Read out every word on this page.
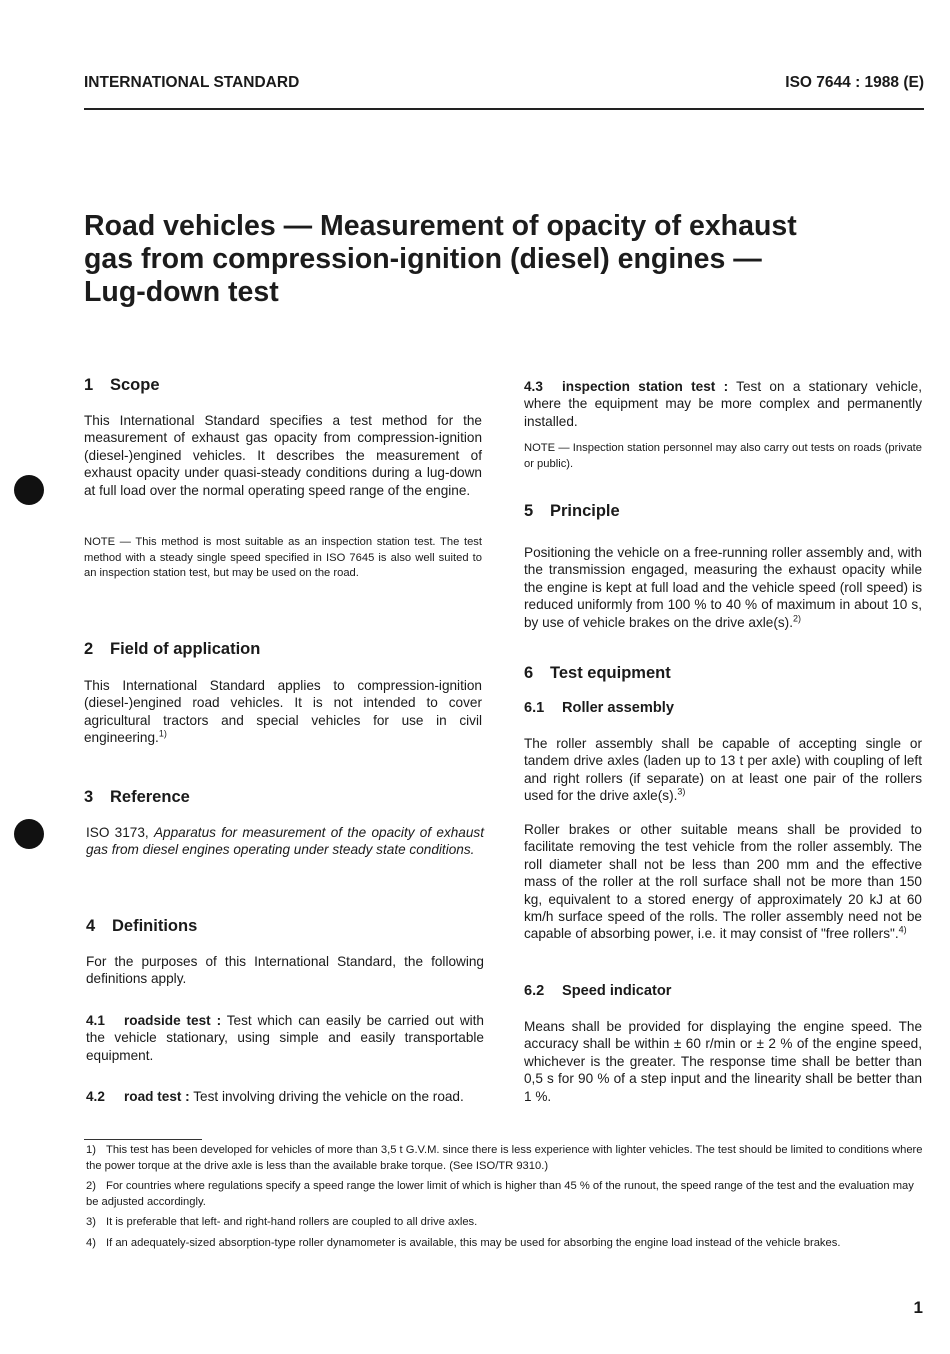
INTERNATIONAL STANDARD	ISO 7644 : 1988 (E)
Road vehicles — Measurement of opacity of exhaust
gas from compression-ignition (diesel) engines —
Lug-down test
1 Scope

This International Standard specifies a test method for the measurement of exhaust gas opacity from compression-ignition (diesel-)engined vehicles. It describes the measurement of exhaust opacity under quasi-steady conditions during a lug-down at full load over the normal operating speed range of the engine.

NOTE — This method is most suitable as an inspection station test. The test method with a steady single speed specified in ISO 7645 is also well suited to an inspection station test, but may be used on the road.

2 Field of application

This International Standard applies to compression-ignition (diesel-)engined road vehicles. It is not intended to cover agricultural tractors and special vehicles for use in civil engineering.$^{1)}$

3 Reference

ISO 3173, Apparatus for measurement of the opacity of exhaust gas from diesel engines operating under steady state conditions.

4 Definitions

For the purposes of this International Standard, the following definitions apply.

4.1 roadside test : Test which can easily be carried out with the vehicle stationary, using simple and easily transportable equipment.

4.2 road test : Test involving driving the vehicle on the road.

4.3 inspection station test : Test on a stationary vehicle, where the equipment may be more complex and permanently installed.

NOTE — Inspection station personnel may also carry out tests on roads (private or public).

5 Principle

Positioning the vehicle on a free-running roller assembly and, with the transmission engaged, measuring the exhaust opacity while the engine is kept at full load and the vehicle speed (roll speed) is reduced uniformly from 100 % to 40 % of maximum in about 10 s, by use of vehicle brakes on the drive axle(s).$^{2)}$

6 Test equipment
6.1 Roller assembly

The roller assembly shall be capable of accepting single or tandem drive axles (laden up to 13 t per axle) with coupling of left and right rollers (if separate) on at least one pair of the rollers used for the drive axle(s).$^{3)}$

Roller brakes or other suitable means shall be provided to facilitate removing the test vehicle from the roller assembly. The roll diameter shall not be less than 200 mm and the effective mass of the roller at the roll surface shall not be more than 150 kg, equivalent to a stored energy of approximately 20 kJ at 60 km/h surface speed of the rolls. The roller assembly need not be capable of absorbing power, i.e. it may consist of "free rollers".$^{4)}$

6.2 Speed indicator

Means shall be provided for displaying the engine speed. The accuracy shall be within ± 60 r/min or ± 2 % of the engine speed, whichever is the greater. The response time shall be better than 0,5 s for 90 % of a step input and the linearity shall be better than 1 %.

1) This test has been developed for vehicles of more than 3,5 t G.V.M. since there is less experience with lighter vehicles. The test should be limited to conditions where the power torque at the drive axle is less than the available brake torque. (See ISO/TR 9310.)

2) For countries where regulations specify a speed range the lower limit of which is higher than 45 % of the runout, the speed range of the test and the evaluation may be adjusted accordingly.

3) It is preferable that left- and right-hand rollers are coupled to all drive axles.

4) If an adequately-sized absorption-type roller dynamometer is available, this may be used for absorbing the engine load instead of the vehicle brakes.

1
